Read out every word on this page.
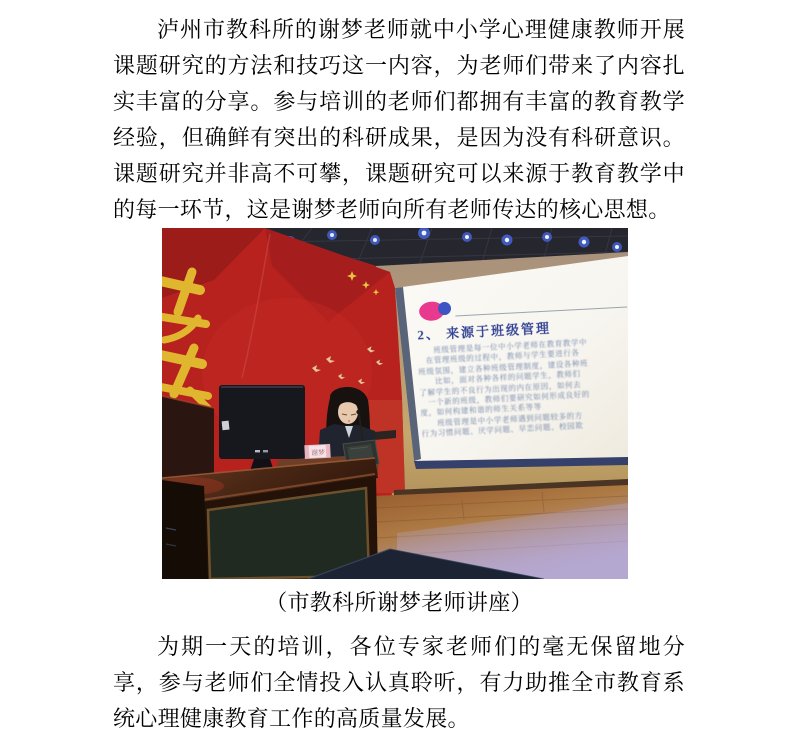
泸州市教科所的谢梦老师就中小学心理健康教师开展课题研究的方法和技巧这一内容，为老师们带来了内容扎实丰富的分享。参与培训的老师们都拥有丰富的教育教学经验，但确鲜有突出的科研成果，是因为没有科研意识。课题研究并非高不可攀，课题研究可以来源于教育教学中的每一环节，这是谢梦老师向所有老师传达的核心思想。

谢梦
2、 来源于班级管理
　　班级管理是每一位中小学老师在教育教学中
　在管理班级的过程中，教师与学生要进行各
班级氛围，建立各种班级管理制度，建设各种班
　　比如，面对各种各样的问题学生，教师们
了解学生的不良行为出现的内在原因，如何去
　一个新的班级，教师们要研究如何形成良好的
度，如何构建和谐的师生关系等等
　　班级管理是中小学老师遇到问题较多的方
行为习惯问题、厌学问题、早恋问题、校园欺
（市教科所谢梦老师讲座）

为期一天的培训，各位专家老师们的毫无保留地分享，参与老师们全情投入认真聆听，有力助推全市教育系统心理健康教育工作的高质量发展。
